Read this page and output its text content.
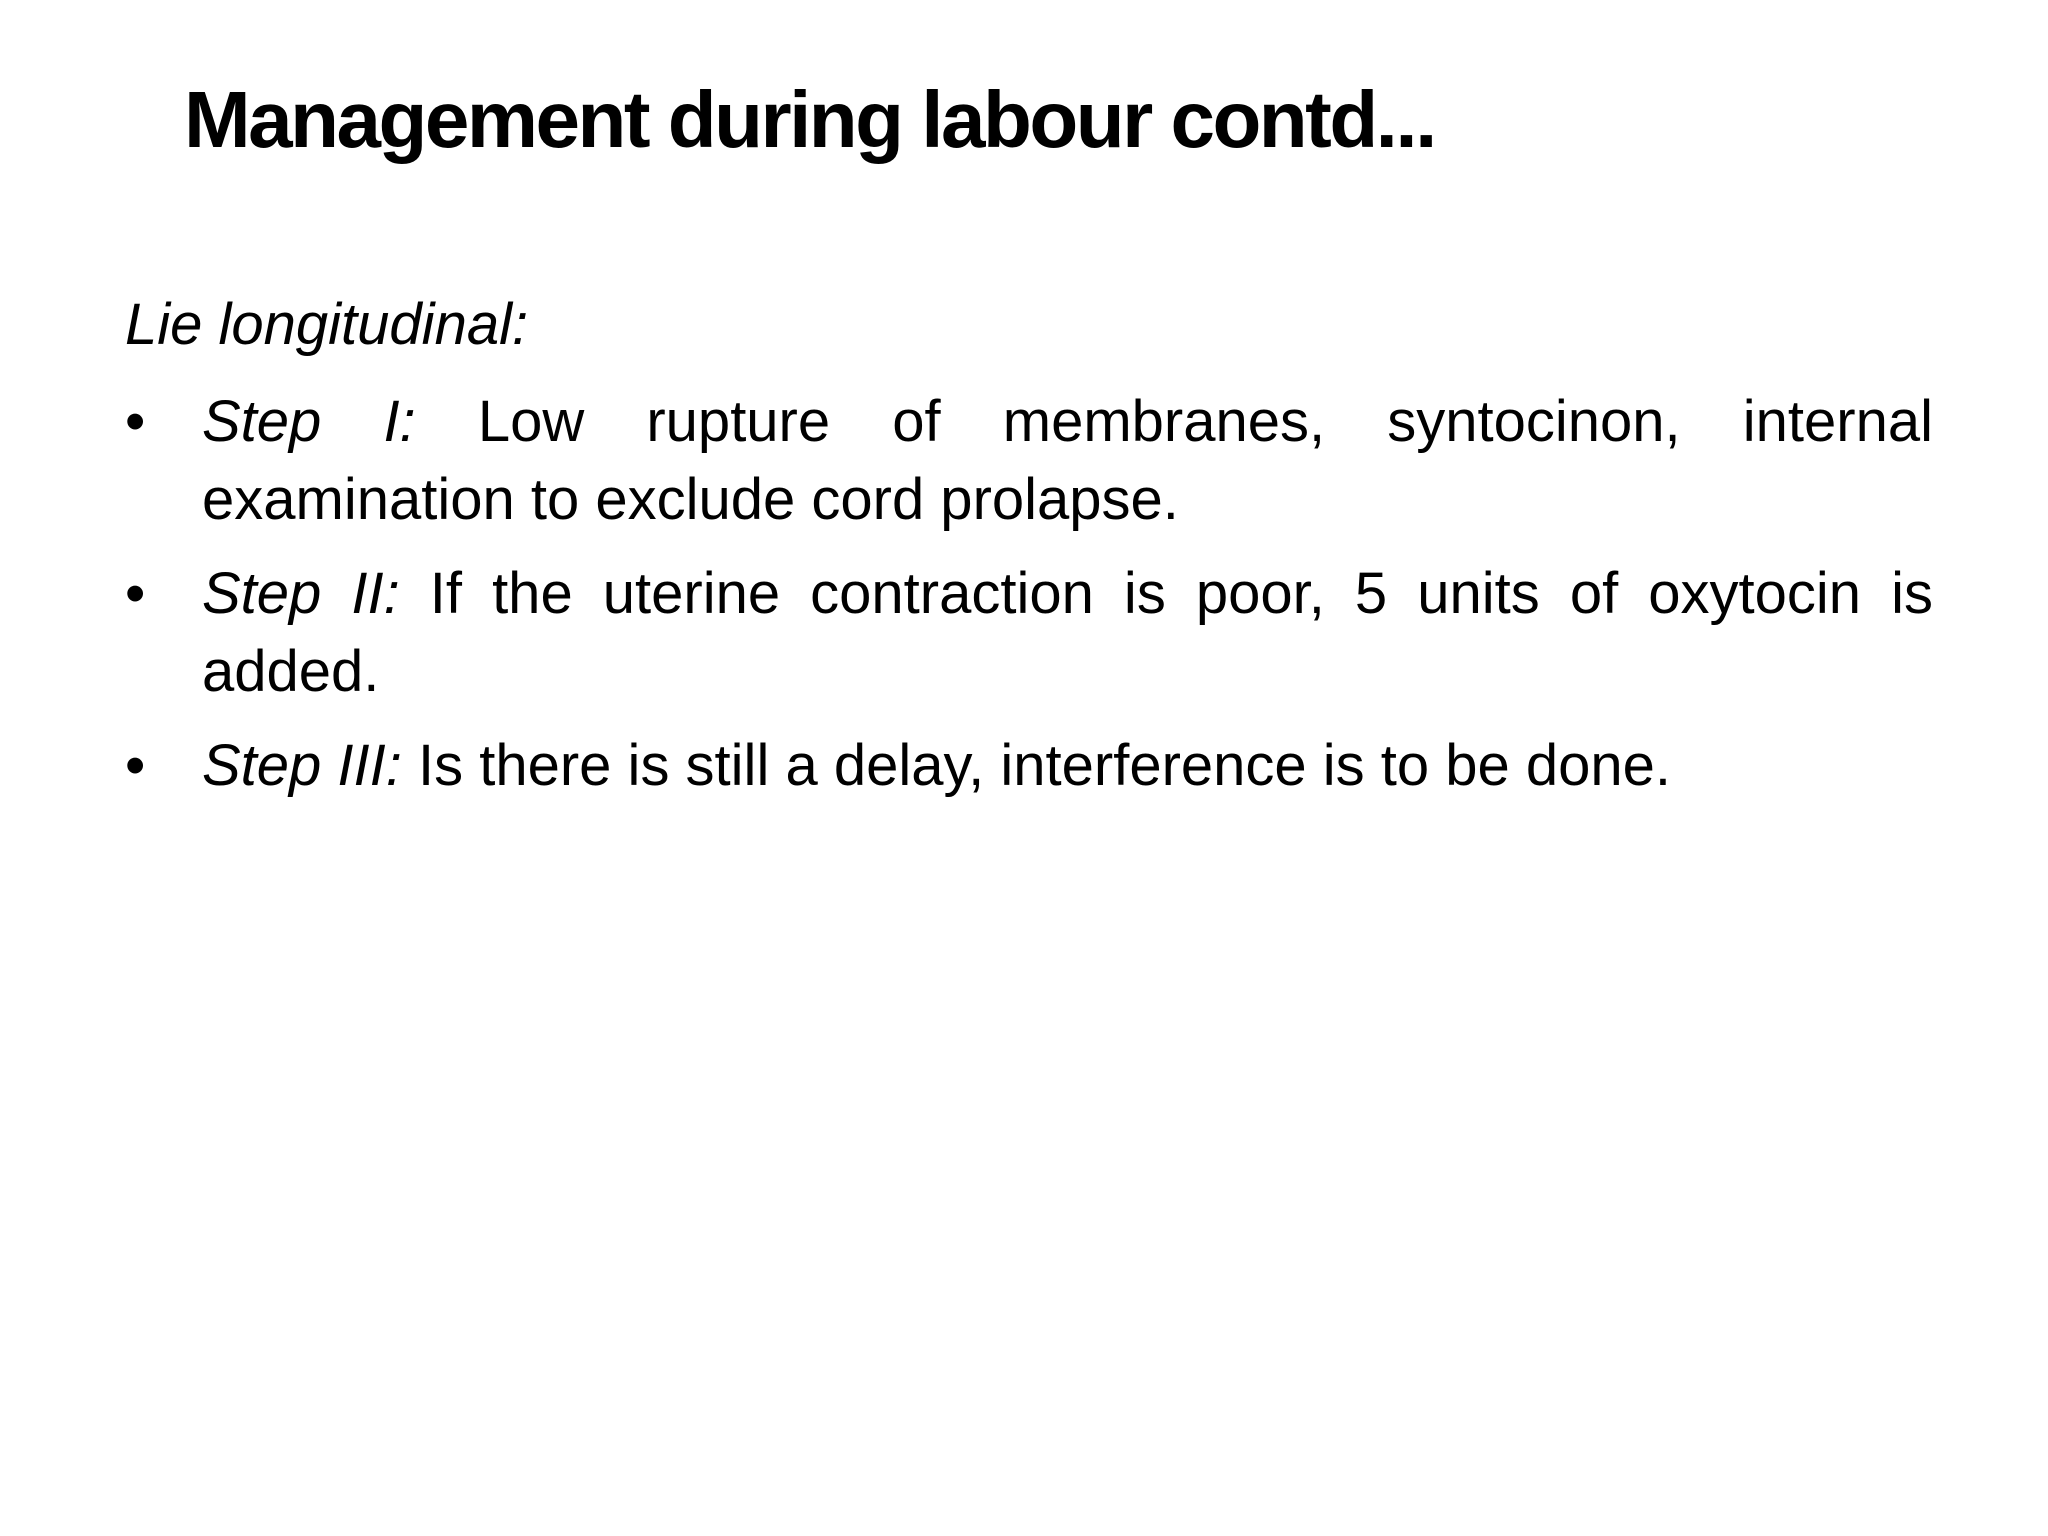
Management during labour contd...

Lie longitudinal:

• Step I: Low rupture of membranes, syntocinon, internal examination to exclude cord prolapse.
• Step II: If the uterine contraction is poor, 5 units of oxytocin is added.
• Step III: Is there is still a delay, interference is to be done.
